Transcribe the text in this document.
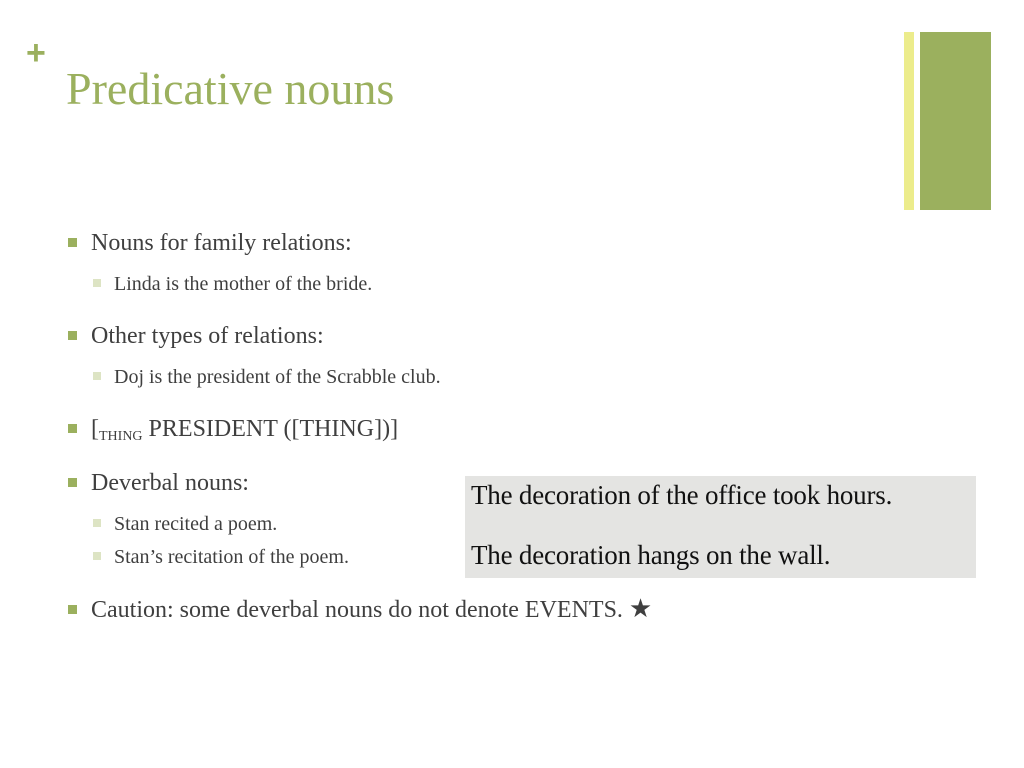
+
Predicative nouns
Nouns for family relations:
Linda is the mother of the bride.
Other types of relations:
Doj is the president of the Scrabble club.
[$_{THING}$ PRESIDENT ([THING])]
Deverbal nouns:
Stan recited a poem.
Stan’s recitation of the poem.
Caution: some deverbal nouns do not denote EVENTS. ★
The decoration of the office took hours.
The decoration hangs on the wall.
